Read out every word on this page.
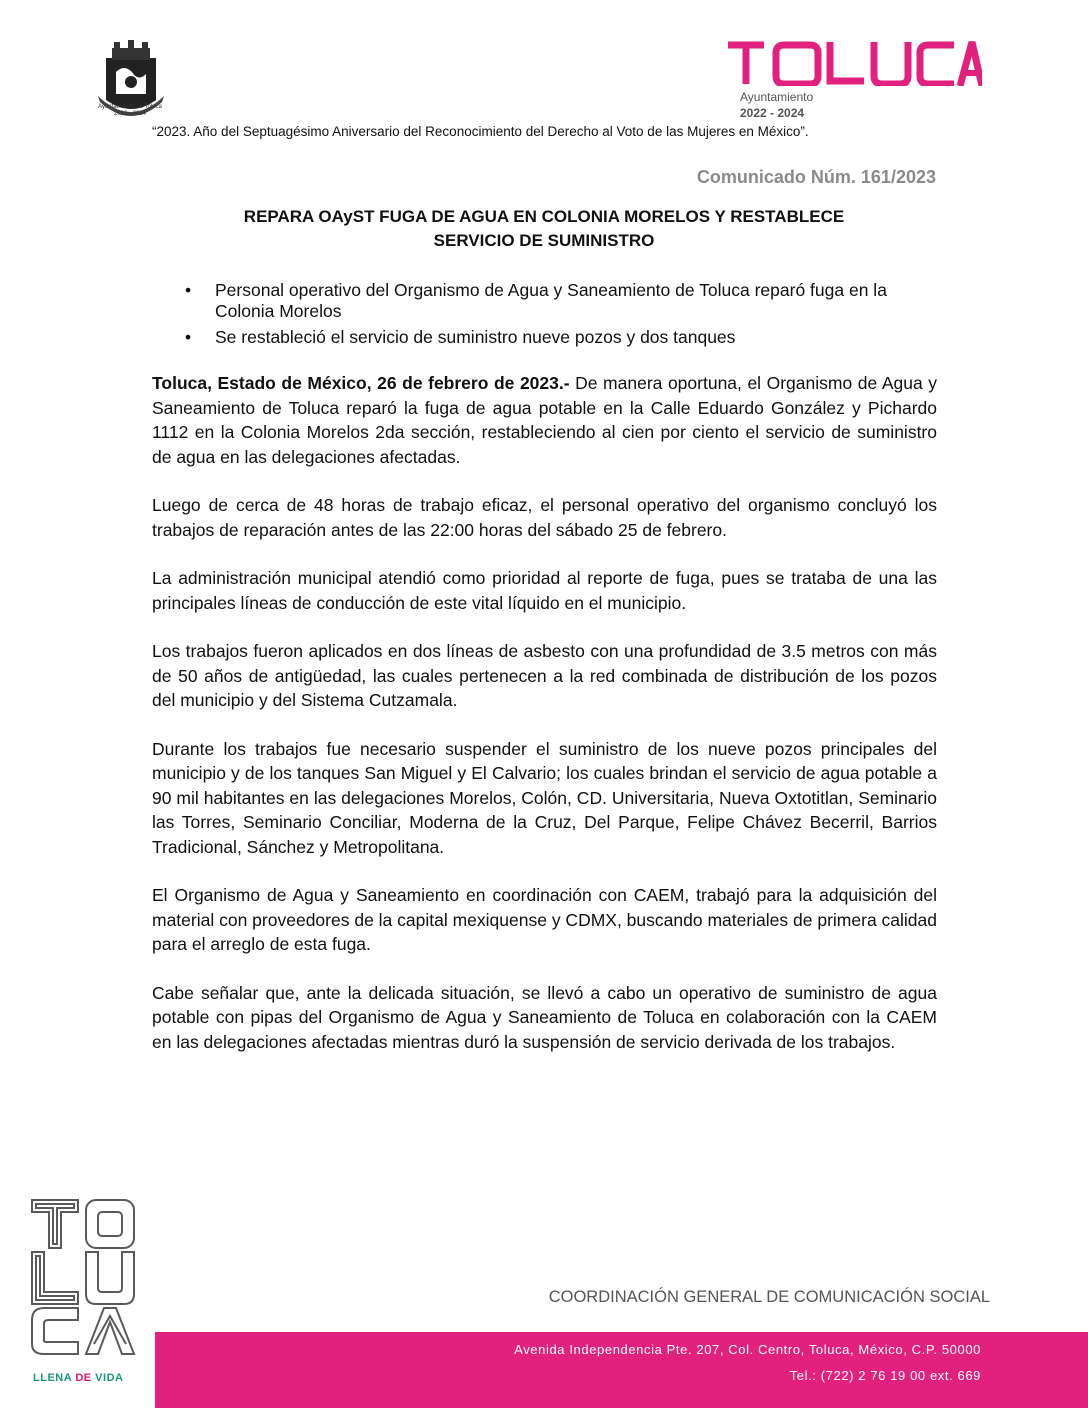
Ayuntamiento de Toluca
2022 - 2024
Ayuntamiento
2022 - 2024
“2023. Año del Septuagésimo Aniversario del Reconocimiento del Derecho al Voto de las Mujeres en México”.
Comunicado Núm. 161/2023
REPARA OAyST FUGA DE AGUA EN COLONIA MORELOS Y RESTABLECE
SERVICIO DE SUMINISTRO
• Personal operativo del Organismo de Agua y Saneamiento de Toluca reparó fuga en la Colonia Morelos
• Se restableció el servicio de suministro nueve pozos y dos tanques

Toluca, Estado de México, 26 de febrero de 2023.- De manera oportuna, el Organismo de Agua y Saneamiento de Toluca reparó la fuga de agua potable en la Calle Eduardo González y Pichardo 1112 en la Colonia Morelos 2da sección, restableciendo al cien por ciento el servicio de suministro de agua en las delegaciones afectadas.

Luego de cerca de 48 horas de trabajo eficaz, el personal operativo del organismo concluyó los trabajos de reparación antes de las 22:00 horas del sábado 25 de febrero.

La administración municipal atendió como prioridad al reporte de fuga, pues se trataba de una las principales líneas de conducción de este vital líquido en el municipio.

Los trabajos fueron aplicados en dos líneas de asbesto con una profundidad de 3.5 metros con más de 50 años de antigüedad, las cuales pertenecen a la red combinada de distribución de los pozos del municipio y del Sistema Cutzamala.

Durante los trabajos fue necesario suspender el suministro de los nueve pozos principales del municipio y de los tanques San Miguel y El Calvario; los cuales brindan el servicio de agua potable a 90 mil habitantes en las delegaciones Morelos, Colón, CD. Universitaria, Nueva Oxtotitlan, Seminario las Torres, Seminario Conciliar, Moderna de la Cruz, Del Parque, Felipe Chávez Becerril, Barrios Tradicional, Sánchez y Metropolitana.

El Organismo de Agua y Saneamiento en coordinación con CAEM, trabajó para la adquisición del material con proveedores de la capital mexiquense y CDMX, buscando materiales de primera calidad para el arreglo de esta fuga.

Cabe señalar que, ante la delicada situación, se llevó a cabo un operativo de suministro de agua potable con pipas del Organismo de Agua y Saneamiento de Toluca en colaboración con la CAEM en las delegaciones afectadas mientras duró la suspensión de servicio derivada de los trabajos.

LLENA DE VIDA
COORDINACIÓN GENERAL DE COMUNICACIÓN SOCIAL
Avenida Independencia Pte. 207, Col. Centro, Toluca, México, C.P. 50000
Tel.: (722) 2 76 19 00 ext. 669
